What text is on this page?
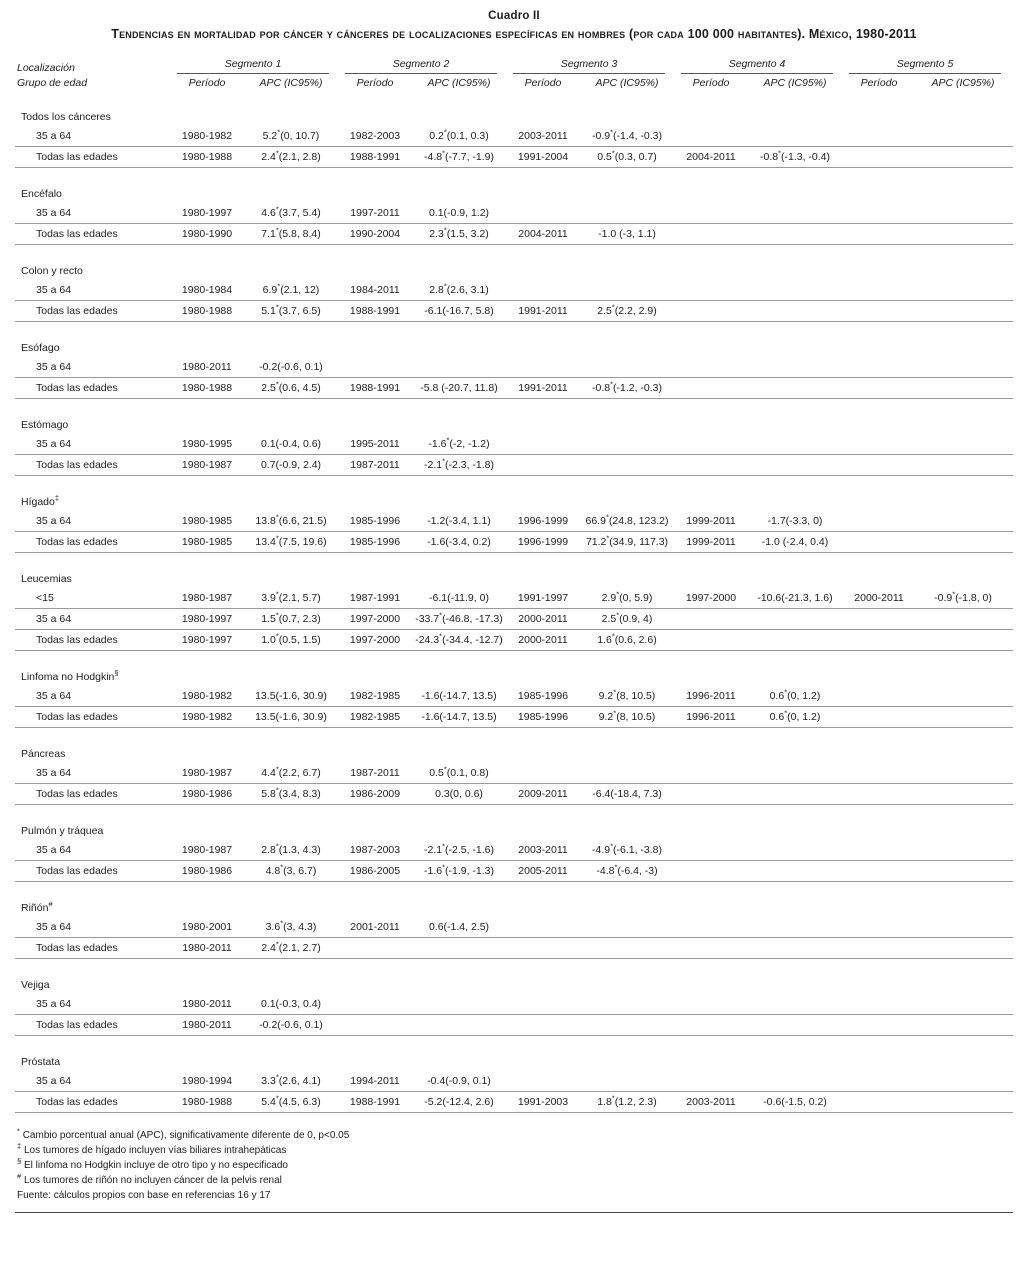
Cuadro II
Tendencias en mortalidad por cáncer y cánceres de localizaciones específicas en hombres (por cada 100 000 habitantes). México, 1980-2011
Localización	Segmento 1		Segmento 2		Segmento 3		Segmento 4		Segmento 5	

Grupo de edad	Período	APC (IC95%)	Período	APC (IC95%)	Período	APC (IC95%)	Período	APC (IC95%)	Período	APC (IC95%)
Todos los cánceres										
35 a 64	1980-1982	5.2*(0, 10.7)	1982-2003	0.2*(0.1, 0.3)	2003-2011	-0.9*(-1.4, -0.3)				
Todas las edades	1980-1988	2.4*(2.1, 2.8)	1988-1991	-4.8*(-7.7, -1.9)	1991-2004	0.5*(0.3, 0.7)	2004-2011	-0.8*(-1.3, -0.4)		
Encéfalo										
35 a 64	1980-1997	4.6*(3.7, 5.4)	1997-2011	0.1(-0.9, 1.2)						
Todas las edades	1980-1990	7.1*(5.8, 8.4)	1990-2004	2.3*(1.5, 3.2)	2004-2011	-1.0 (-3, 1.1)				
Colon y recto										
35 a 64	1980-1984	6.9*(2.1, 12)	1984-2011	2.8*(2.6, 3.1)						
Todas las edades	1980-1988	5.1*(3.7, 6.5)	1988-1991	-6.1(-16.7, 5.8)	1991-2011	2.5*(2.2, 2.9)				
Esófago										
35 a 64	1980-2011	-0.2(-0.6, 0.1)								
Todas las edades	1980-1988	2.5*(0.6, 4.5)	1988-1991	-5.8 (-20.7, 11.8)	1991-2011	-0.8*(-1.2, -0.3)				
Estómago										
35 a 64	1980-1995	0.1(-0.4, 0.6)	1995-2011	-1.6*(-2, -1.2)						
Todas las edades	1980-1987	0.7(-0.9, 2.4)	1987-2011	-2.1*(-2.3, -1.8)						
Hígado‡
35 a 64	1980-1985	13.8*(6.6, 21.5)	1985-1996	-1.2(-3.4, 1.1)	1996-1999	66.9*(24.8, 123.2)	1999-2011	-1.7(-3.3, 0)		
Todas las edades	1980-1985	13.4*(7.5, 19.6)	1985-1996	-1.6(-3.4, 0.2)	1996-1999	71.2*(34.9, 117.3)	1999-2011	-1.0 (-2.4, 0.4)		
Leucemias										
<15	1980-1987	3.9*(2.1, 5.7)	1987-1991	-6.1(-11.9, 0)	1991-1997	2.9*(0, 5.9)	1997-2000	-10.6(-21.3, 1.6)	2000-2011	-0.9*(-1.8, 0)
35 a 64	1980-1997	1.5*(0.7, 2.3)	1997-2000	-33.7*(-46.8, -17.3)	2000-2011	2.5*(0.9, 4)				
Todas las edades	1980-1997	1.0*(0.5, 1.5)	1997-2000	-24.3*(-34.4, -12.7)	2000-2011	1.6*(0.6, 2.6)				
Linfoma no Hodgkin§
35 a 64	1980-1982	13.5(-1.6, 30.9)	1982-1985	-1.6(-14.7, 13.5)	1985-1996	9.2*(8, 10.5)	1996-2011	0.6*(0, 1.2)		
Todas las edades	1980-1982	13.5(-1.6, 30.9)	1982-1985	-1.6(-14.7, 13.5)	1985-1996	9.2*(8, 10.5)	1996-2011	0.6*(0, 1.2)		
Páncreas										
35 a 64	1980-1987	4.4*(2.2, 6.7)	1987-2011	0.5*(0.1, 0.8)						
Todas las edades	1980-1986	5.8*(3.4, 8.3)	1986-2009	0.3(0, 0.6)	2009-2011	-6.4(-18.4, 7.3)				
Pulmón y tráquea										
35 a 64	1980-1987	2.8*(1.3, 4.3)	1987-2003	-2.1*(-2.5, -1.6)	2003-2011	-4.9*(-6.1, -3.8)				
Todas las edades	1980-1986	4.8*(3, 6.7)	1986-2005	-1.6*(-1.9, -1.3)	2005-2011	-4.8*(-6.4, -3)				
Riñón#
35 a 64	1980-2001	3.6*(3, 4.3)	2001-2011	0.6(-1.4, 2.5)						
Todas las edades	1980-2011	2.4*(2.1, 2.7)								
Vejiga										
35 a 64	1980-2011	0.1(-0.3, 0.4)								
Todas las edades	1980-2011	-0.2(-0.6, 0.1)								
Próstata										
35 a 64	1980-1994	3.3*(2.6, 4.1)	1994-2011	-0.4(-0.9, 0.1)						
Todas las edades	1980-1988	5.4*(4.5, 6.3)	1988-1991	-5.2(-12.4, 2.6)	1991-2003	1.8*(1.2, 2.3)	2003-2011	-0.6(-1.5, 0.2)		
* Cambio porcentual anual (APC), significativamente diferente de 0, p<0.05
‡ Los tumores de hígado incluyen vías biliares intrahepáticas
§ El linfoma no Hodgkin incluye de otro tipo y no especificado
# Los tumores de riñón no incluyen cáncer de la pelvis renal
Fuente: cálculos propios con base en referencias 16 y 17
